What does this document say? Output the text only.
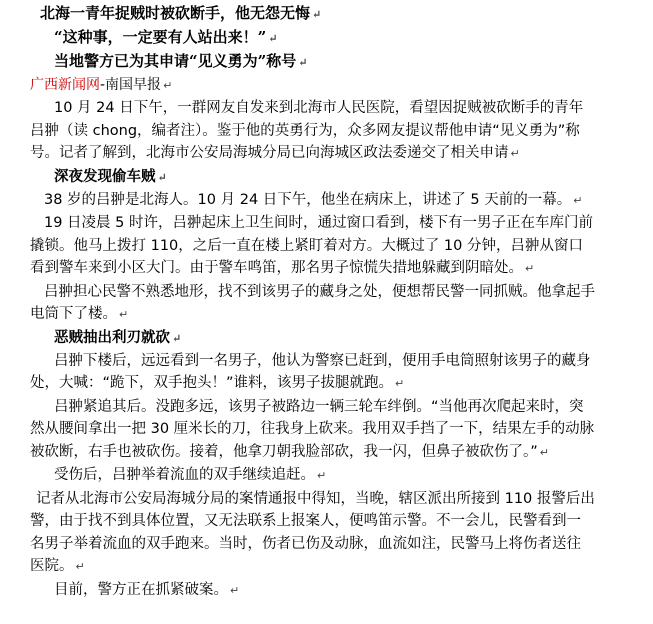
北海一青年捉贼时被砍断手，他无怨无悔 ↵

“这种事，一定要有人站出来！” ↵

当地警方已为其申请“见义勇为”称号 ↵

广西新闻网-南国早报 ↵

10 月 24 日下午，一群网友自发来到北海市人民医院，看望因捉贼被砍断手的青年吕翀（读 chong，编者注）。鉴于他的英勇行为，众多网友提议帮他申请“见义勇为”称号。记者了解到，北海市公安局海城分局已向海城区政法委递交了相关申请 ↵

深夜发现偷车贼 ↵

38 岁的吕翀是北海人。10 月 24 日下午，他坐在病床上，讲述了 5 天前的一幕。 ↵

19 日凌晨 5 时许，吕翀起床上卫生间时，通过窗口看到，楼下有一男子正在车库门前撬锁。他马上拨打 110，之后一直在楼上紧盯着对方。大概过了 10 分钟，吕翀从窗口看到警车来到小区大门。由于警车鸣笛，那名男子惊慌失措地躲藏到阴暗处。 ↵

吕翀担心民警不熟悉地形，找不到该男子的藏身之处，便想帮民警一同抓贼。他拿起手电筒下了楼。 ↵

恶贼抽出利刃就砍 ↵

吕翀下楼后，远远看到一名男子，他认为警察已赶到，便用手电筒照射该男子的藏身处，大喊：“跪下，双手抱头！”谁料，该男子拔腿就跑。 ↵

吕翀紧追其后。没跑多远，该男子被路边一辆三轮车绊倒。“当他再次爬起来时，突然从腰间拿出一把 30 厘米长的刀，往我身上砍来。我用双手挡了一下，结果左手的动脉被砍断，右手也被砍伤。接着，他拿刀朝我脸部砍，我一闪，但鼻子被砍伤了。” ↵

受伤后，吕翀举着流血的双手继续追赶。 ↵

记者从北海市公安局海城分局的案情通报中得知，当晚，辖区派出所接到 110 报警后出警，由于找不到具体位置，又无法联系上报案人，便鸣笛示警。不一会儿，民警看到一名男子举着流血的双手跑来。当时，伤者已伤及动脉，血流如注，民警马上将伤者送往医院。 ↵

目前，警方正在抓紧破案。 ↵
